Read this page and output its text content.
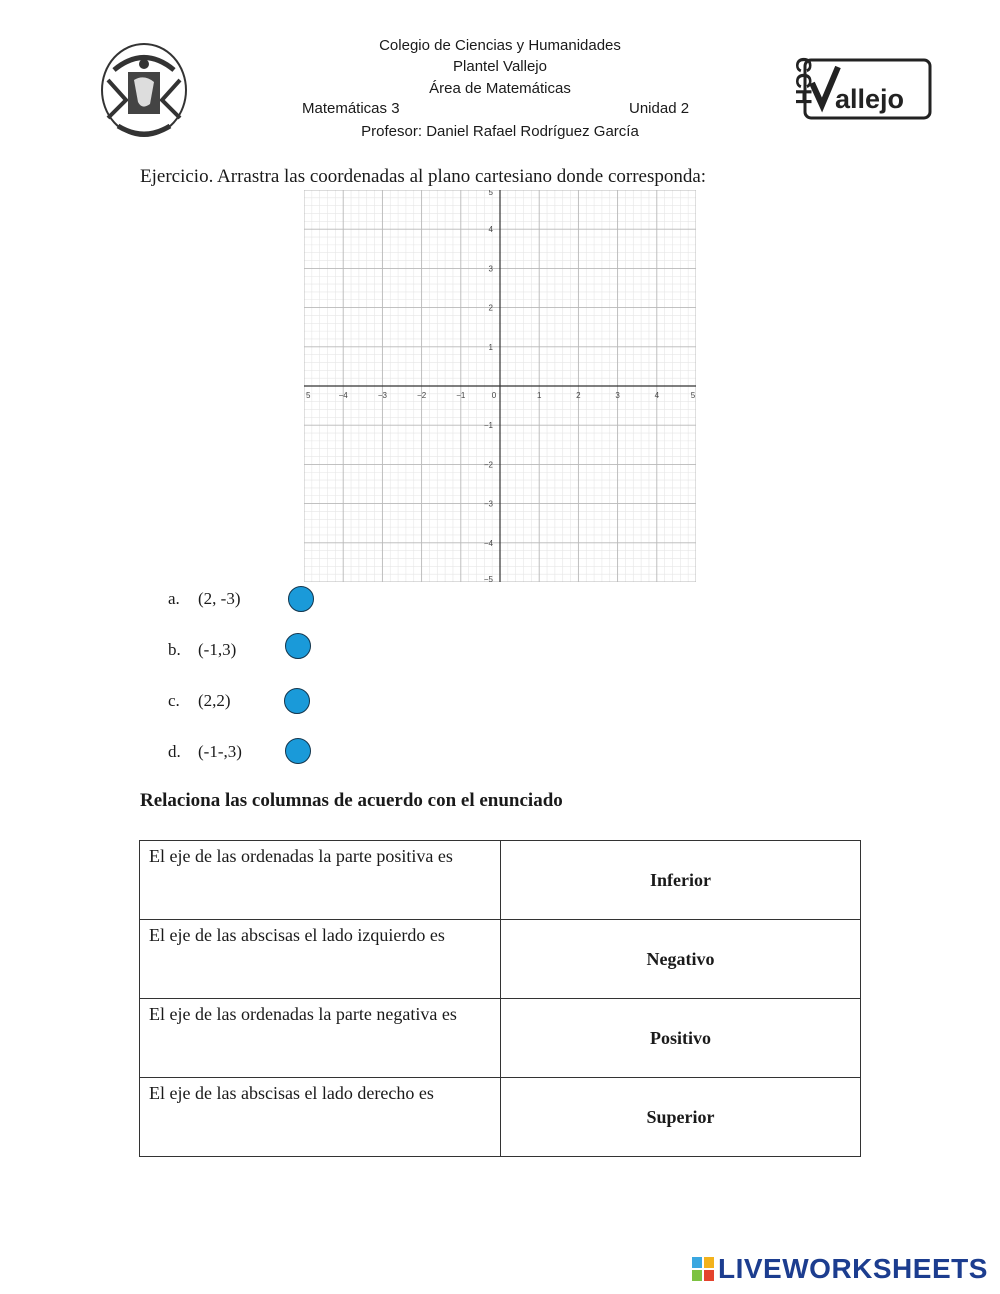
Colegio de Ciencias y Humanidades
Plantel Vallejo
Área de Matemáticas
Matemáticas 3	Unidad 2
Profesor: Daniel Rafael Rodríguez García
CCH allejo
Ejercicio. Arrastra las coordenadas al plano cartesiano donde corresponda:
5	−4	−3	−2	−1	0	1	2	3	4	5
5
4
3
2
1
−1
−2
−3
−4
−5
a.	(2, -3)
b.	(-1,3)
c.	(2,2)
d.	(-1-,3)
Relaciona las columnas de acuerdo con el enunciado
El eje de las ordenadas la parte positiva es	Inferior
El eje de las abscisas el lado izquierdo es	Negativo
El eje de las ordenadas la parte negativa es	Positivo
El eje de las abscisas el lado derecho es	Superior
LIVEWORKSHEETS
